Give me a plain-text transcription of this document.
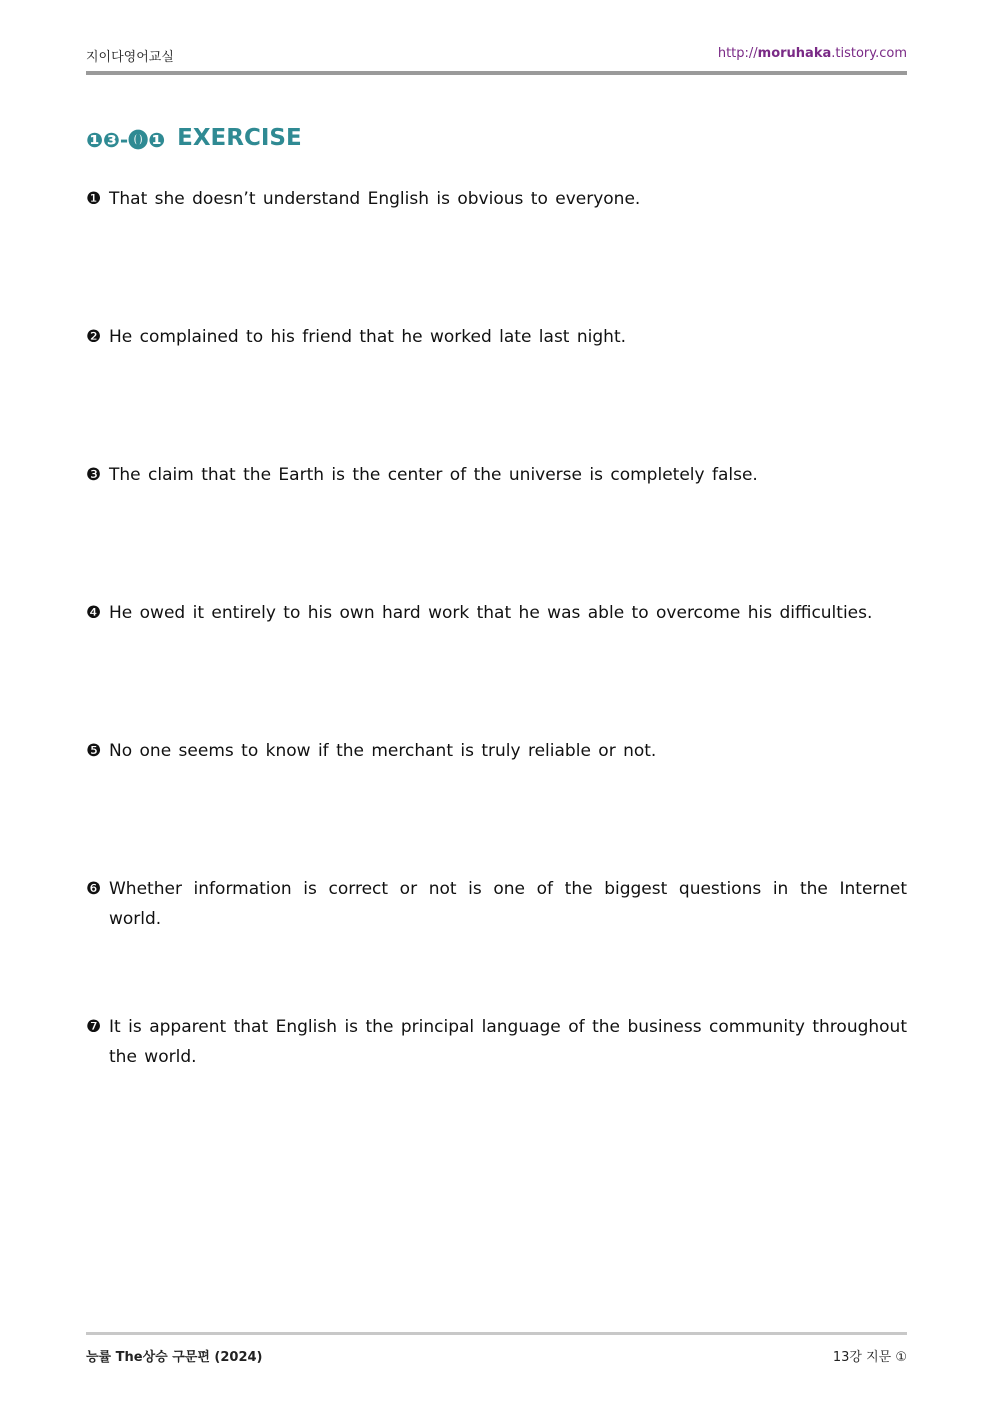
지이다영어교실	http://moruhaka.tistory.com
❶❸-⓿❶ EXERCISE
❶ That she doesn’t understand English is obvious to everyone.
❷ He complained to his friend that he worked late last night.
❸ The claim that the Earth is the center of the universe is completely false.
❹ He owed it entirely to his own hard work that he was able to overcome his difficulties.
❺ No one seems to know if the merchant is truly reliable or not.
❻ Whether information is correct or not is one of the biggest questions in the Internet world.
❼ It is apparent that English is the principal language of the business community throughout the world.
능률 The상승 구문편 (2024)	13강 지문 ①
